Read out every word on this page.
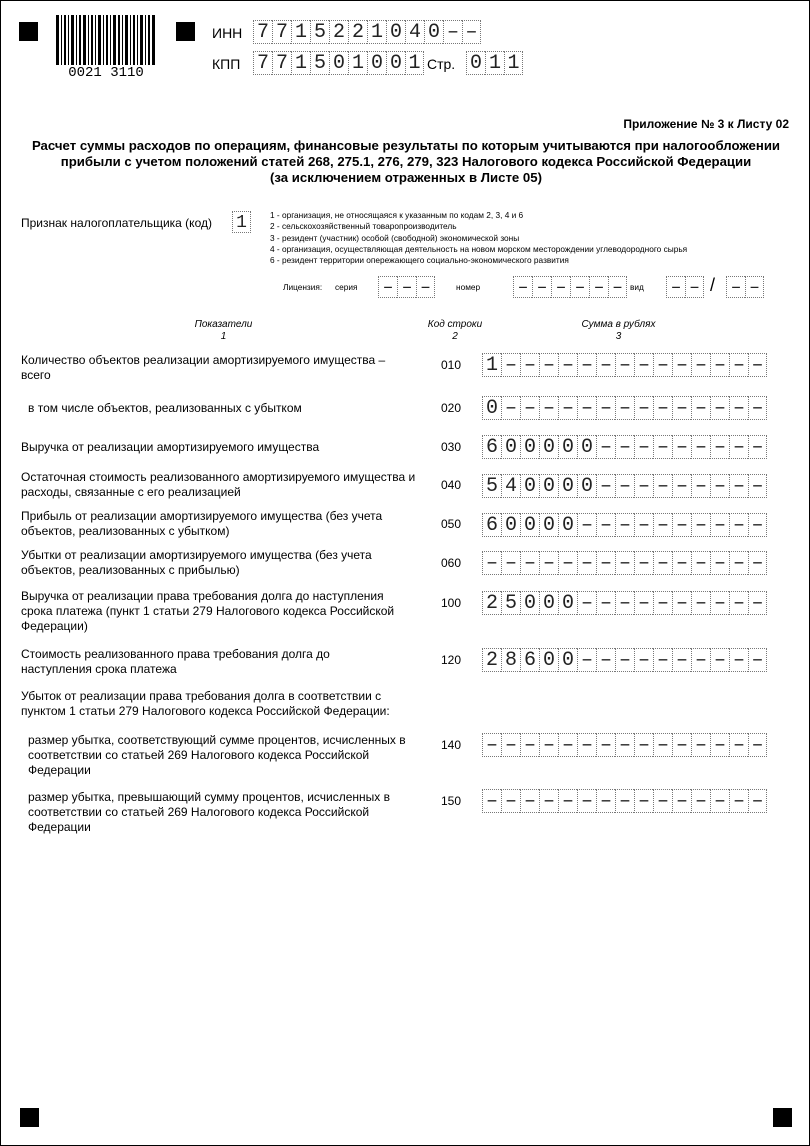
0021 3110
ИНН 7 7 1 5 2 2 1 0 4 0 – –
КПП 7 7 1 5 0 1 0 0 1 Стр. 0 1 1
Приложение № 3 к Листу 02
Расчет суммы расходов по операциям, финансовые результаты по которым учитываются при налогообложении
прибыли с учетом положений статей 268, 275.1, 276, 279, 323 Налогового кодекса Российской Федерации
(за исключением отраженных в Листе 05)
Признак налогоплательщика (код) 1	1 - организация, не относящаяся к указанным по кодам 2, 3, 4 и 6
2 - сельскохозяйственный товаропроизводитель
3 - резидент (участник) особой (свободной) экономической зоны
4 - организация, осуществляющая деятельность на новом морском месторождении углеводородного сырья
6 - резидент территории опережающего социально-экономического развития
Лицензия: серия – – –	номер – – – – – – вид – – / – –
Показатели
1
Код строки
2
Сумма в рублях
3
Количество объектов реализации амортизируемого имущества – всего
010	1 – – – – – – – – – – – – – –
в том числе объектов, реализованных с убытком	020	0 – – – – – – – – – – – – – –
Выручка от реализации амортизируемого имущества	030	6 0 0 0 0 0 – – – – – – – – –
Остаточная стоимость реализованного амортизируемого имущества и расходы, связанные с его реализацией	040	5 4 0 0 0 0 – – – – – – – – –
Прибыль от реализации амортизируемого имущества (без учета объектов, реализованных с убытком)	050	6 0 0 0 0 – – – – – – – – – –
Убытки от реализации амортизируемого имущества (без учета объектов, реализованных с прибылью)	060	– – – – – – – – – – – – – – –
Выручка от реализации права требования долга до наступления срока платежа (пункт 1 статьи 279 Налогового кодекса Российской Федерации)
100	2 5 0 0 0 – – – – – – – – – –
Стоимость реализованного права требования долга до наступления срока платежа
120	2 8 6 0 0 – – – – – – – – – –
Убыток от реализации права требования долга в соответствии с пунктом 1 статьи 279 Налогового кодекса Российской Федерации:
размер убытка, соответствующий сумме процентов, исчисленных в соответствии со статьей 269 Налогового кодекса Российской Федерации
140	– – – – – – – – – – – – – – –
размер убытка, превышающий сумму процентов, исчисленных в соответствии со статьей 269 Налогового кодекса Российской Федерации
150	– – – – – – – – – – – – – – –
